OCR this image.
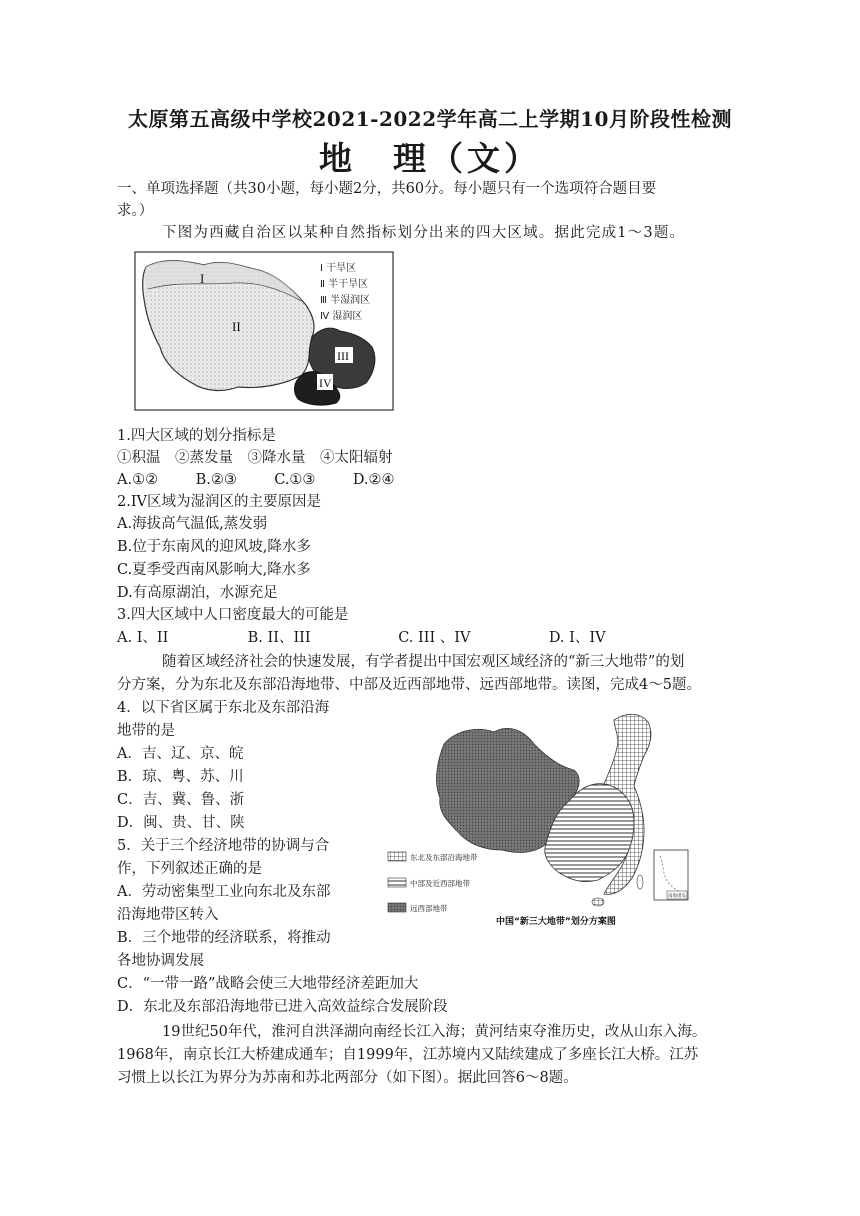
太原第五高级中学校2021-2022学年高二上学期10月阶段性检测
地　理（文）
一、单项选择题（共30小题，每小题2分，共60分。每小题只有一个选项符合题目要
求。）
下图为西藏自治区以某种自然指标划分出来的四大区域。据此完成1～3题。
I
II
III
IV
Ⅰ 干旱区
Ⅱ 半干旱区
Ⅲ 半湿润区
Ⅳ 湿润区
1.四大区域的划分指标是
①积温　②蒸发量　③降水量　④太阳辐射
A.①②	B.②③	C.①③	D.②④
2.IV区域为湿润区的主要原因是
A.海拔高气温低,蒸发弱
B.位于东南风的迎风坡,降水多
C.夏季受西南风影响大,降水多
D.有高原湖泊，水源充足
3.四大区域中人口密度最大的可能是
A. I、II	B. II、III	C. III 、IV	D. I、IV
随着区域经济社会的快速发展，有学者提出中国宏观区域经济的“新三大地带”的划
分方案，分为东北及东部沿海地带、中部及近西部地带、远西部地带。读图，完成4～5题。
4．以下省区属于东北及东部沿海
地带的是
A．吉、辽、京、皖
B．琼、粤、苏、川
C．吉、冀、鲁、浙
D．闽、贵、甘、陕
5．关于三个经济地带的协调与合
作，下列叙述正确的是
A．劳动密集型工业向东北及东部
沿海地带区转入
B．三个地带的经济联系，将推动
各地协调发展
C．“一带一路”战略会使三大地带经济差距加大
D．东北及东部沿海地带已进入高效益综合发展阶段
南海诸岛
东北及东部沿海地带
中部及近西部地带
远西部地带
中国“新三大地带”划分方案图
19世纪50年代，淮河自洪泽湖向南经长江入海；黄河结束夺淮历史，改从山东入海。
1968年，南京长江大桥建成通车；自1999年，江苏境内又陆续建成了多座长江大桥。江苏
习惯上以长江为界分为苏南和苏北两部分（如下图）。据此回答6～8题。
